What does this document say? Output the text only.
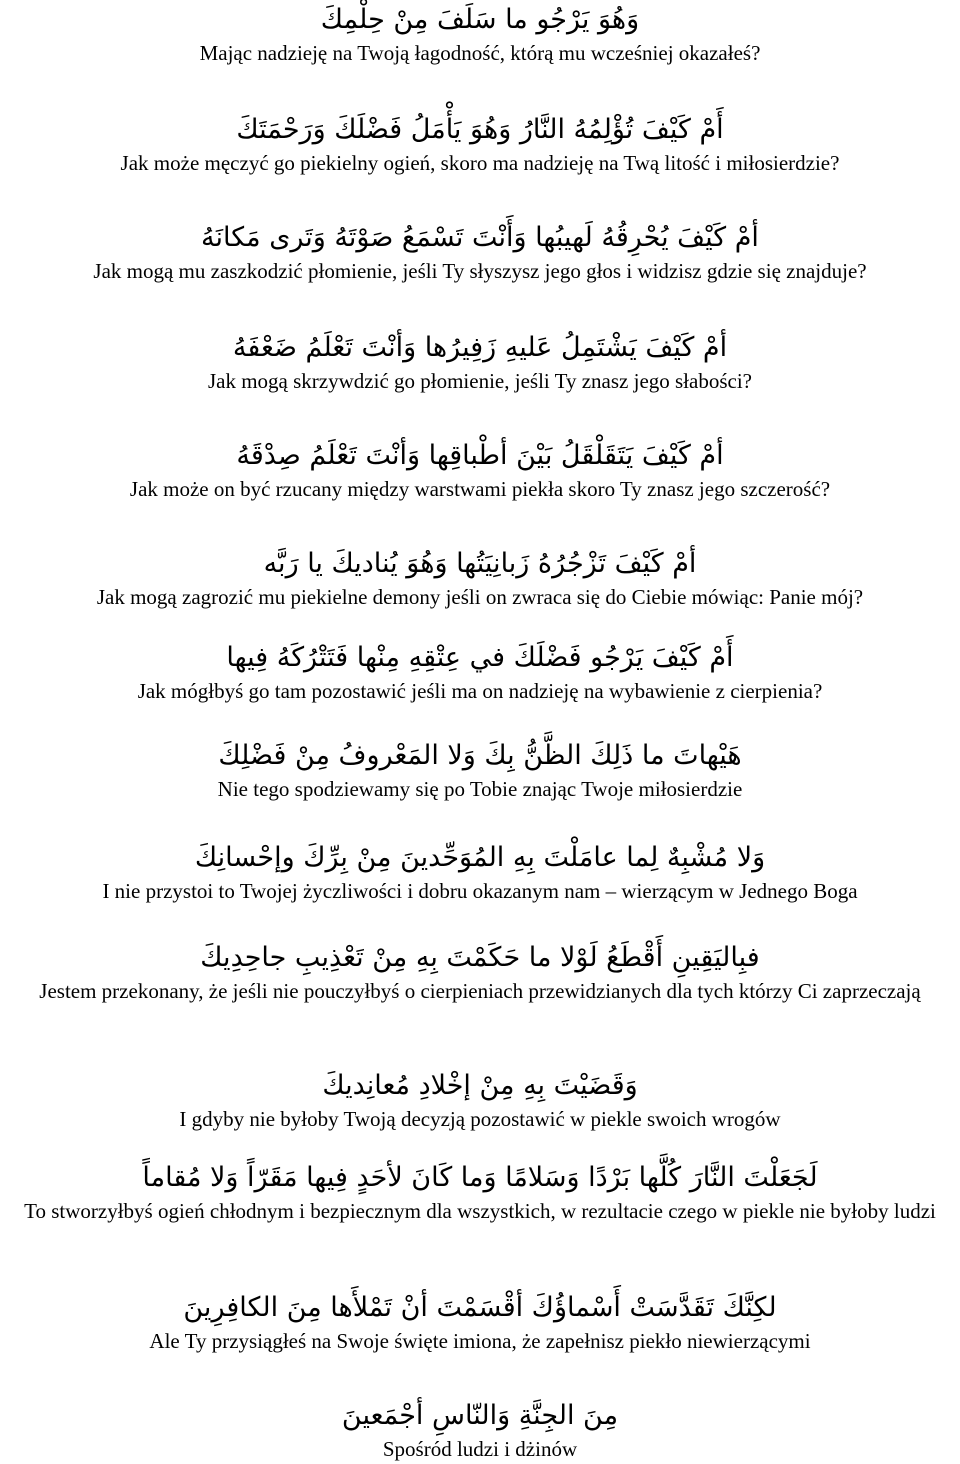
وَهُوَ يَرْجُو ما سَلَفَ مِنْ حِلْمِكَ

Mając nadzieję na Twoją łagodność, którą mu wcześniej okazałeś?

أَمْ كَيْفَ تُؤْلِمُهُ النَّارُ وَهُوَ يَأْمَلُ فَضْلَكَ وَرَحْمَتَكَ

Jak może męczyć go piekielny ogień, skoro ma nadzieję na Twą litość i miłosierdzie?

أمْ كَيْفَ يُحْرِقُهُ لَهيبُها وَأَنْتَ تَسْمَعُ صَوْتَهُ وَتَرى مَكانَهُ

Jak mogą mu zaszkodzić płomienie, jeśli Ty słyszysz jego głos i widzisz gdzie się znajduje?

أمْ كَيْفَ يَشْتَمِلُ عَليهِ زَفِيرُها وَأنْتَ تَعْلَمُ ضَعْفَهُ

Jak mogą skrzywdzić go płomienie, jeśli Ty znasz jego słabości?

أمْ كَيْفَ يَتَقَلْقَلُ بَيْنَ أطْباقِها وَأنْتَ تَعْلَمُ صِدْقَهُ

Jak może on być rzucany między warstwami piekła skoro Ty znasz jego szczerość?

أمْ كَيْفَ تَزْجُرُهُ زَبانِيَتُها وَهُوَ يُناديكَ يا رَبَّه

Jak mogą zagrozić mu piekielne demony jeśli on zwraca się do Ciebie mówiąc: Panie mój?

أَمْ كَيْفَ يَرْجُو فَضْلَكَ في عِتْقِهِ مِنْها فَتَتْرُكَهُ فِيها

Jak mógłbyś go tam pozostawić jeśli ma on nadzieję na wybawienie z cierpienia?

هَيْهاتَ ما ذَلِكَ الظَّنُّ بِكَ وَلا المَعْروفُ مِنْ فَضْلِكَ

Nie tego spodziewamy się po Tobie znając Twoje miłosierdzie

وَلا مُشْبِهٌ لِما عامَلْتَ بِهِ المُوَحِّدينَ مِنْ بِرِّكَ وإحْسانِكَ

I nie przystoi to Twojej życzliwości i dobru okazanym nam – wierzącym w Jednego Boga

فبِاليَقِينِ أَقْطَعُ لَوْلا ما حَكَمْتَ بِهِ مِنْ تَعْذِيبِ جاحِدِيكَ

Jestem przekonany, że jeśli nie pouczyłbyś o cierpieniach przewidzianych dla tych którzy Ci zaprzeczają

وَقَضَيْتَ بِهِ مِنْ إخْلادِ مُعانِديكَ

I gdyby nie byłoby Twoją decyzją pozostawić w piekle swoich wrogów

لَجَعَلْتَ النَّارَ كُلَّها بَرْدًا وَسَلامًا وَما كَانَ لأحَدٍ فِيها مَقَرّاً وَلا مُقاماً

To stworzyłbyś ogień chłodnym i bezpiecznym dla wszystkich, w rezultacie czego w piekle nie byłoby ludzi

لكِنَّكَ تَقَدَّسَتْ أَسْماؤُكَ أقْسَمْتَ أنْ تَمْلأَها مِنَ الكافِرِينَ

Ale Ty przysiągłeś na Swoje święte imiona, że zapełnisz piekło niewierzącymi

مِنَ الجِنَّةِ وَالنّاسِ أجْمَعينَ

Spośród ludzi i dżinów
